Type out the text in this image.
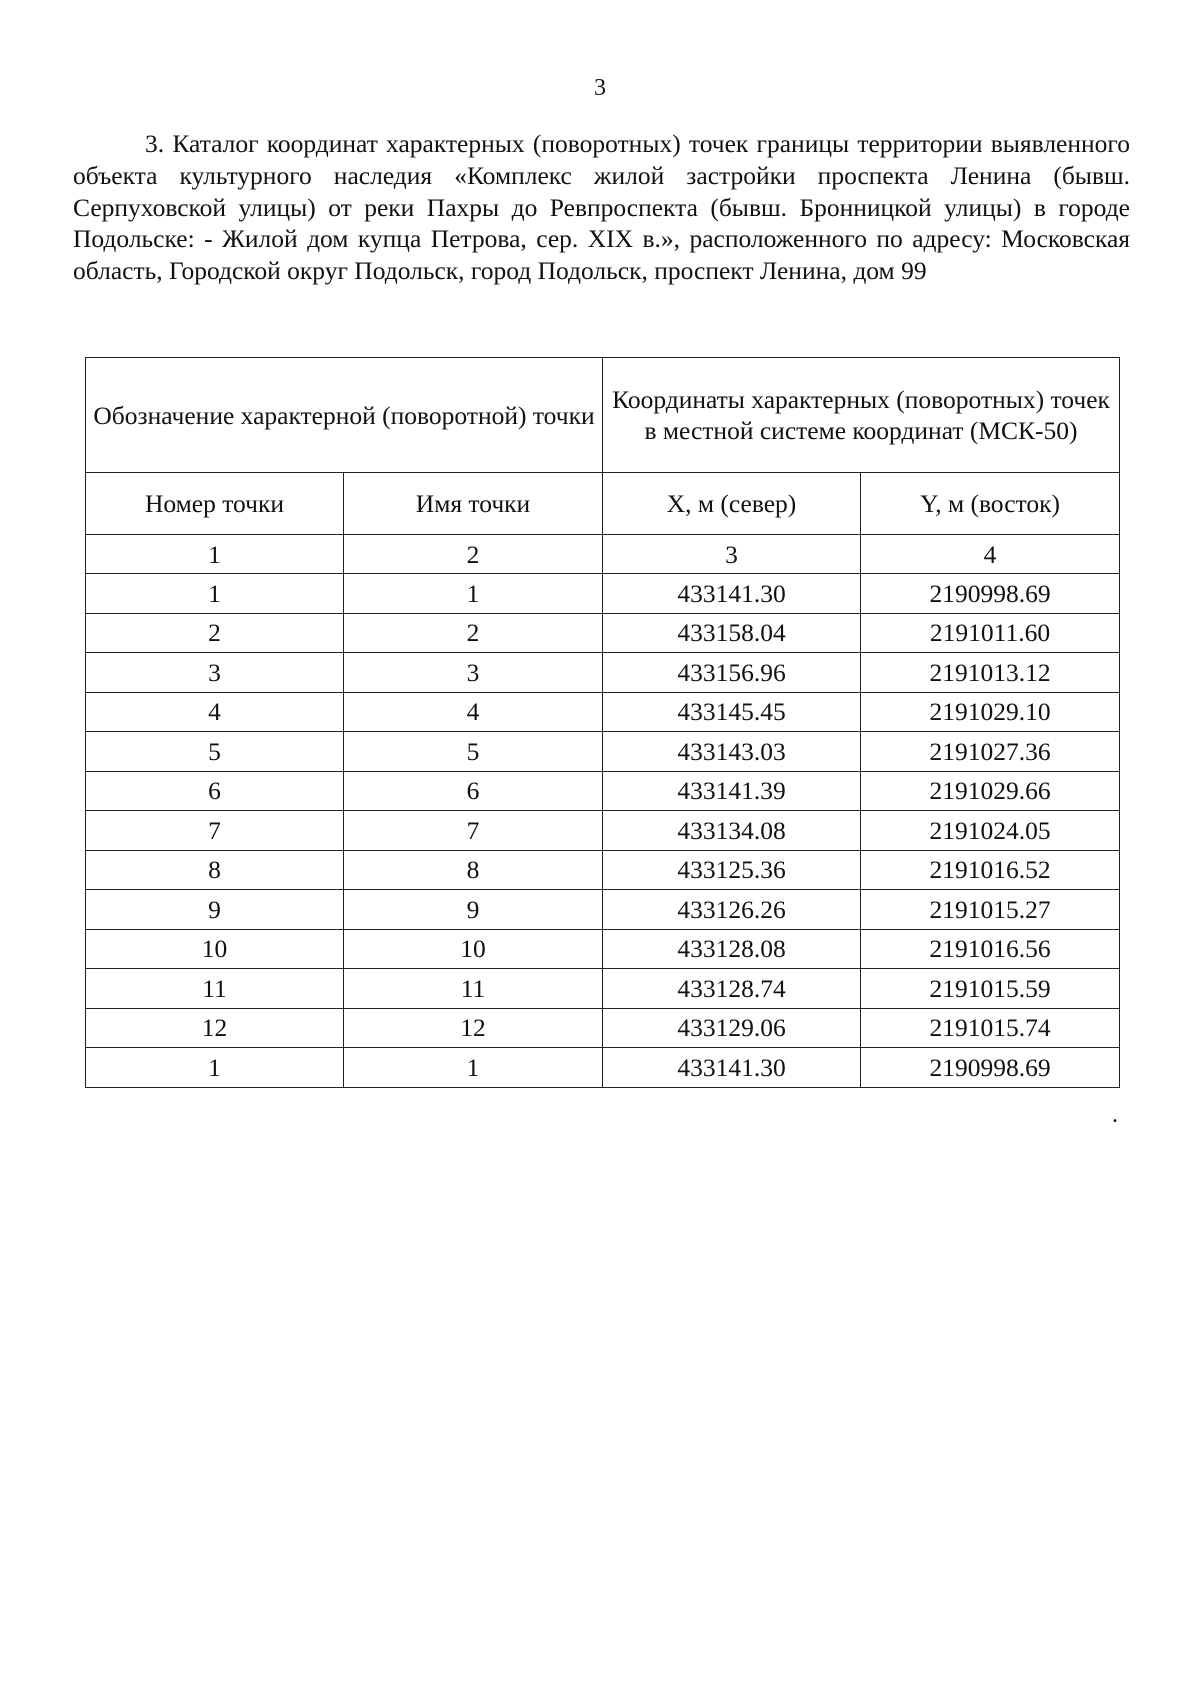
3

3. Каталог координат характерных (поворотных) точек границы территории выявленного объекта культурного наследия «Комплекс жилой застройки проспекта Ленина (бывш. Серпуховской улицы) от реки Пахры до Ревпроспекта (бывш. Бронницкой улицы) в городе Подольске: - Жилой дом купца Петрова, сер. XIX в.», расположенного по адресу: Московская область, Городской округ Подольск, город Подольск, проспект Ленина, дом 99

Обозначение характерной (поворотной) точки		Координаты характерных (поворотных) точек в местной системе координат (МСК-50)	
Номер точки	Имя точки	X, м (север)	Y, м (восток)
1	2	3	4
1	1	433141.30	2190998.69
2	2	433158.04	2191011.60
3	3	433156.96	2191013.12
4	4	433145.45	2191029.10
5	5	433143.03	2191027.36
6	6	433141.39	2191029.66
7	7	433134.08	2191024.05
8	8	433125.36	2191016.52
9	9	433126.26	2191015.27
10	10	433128.08	2191016.56
11	11	433128.74	2191015.59
12	12	433129.06	2191015.74
1	1	433141.30	2190998.69
.
